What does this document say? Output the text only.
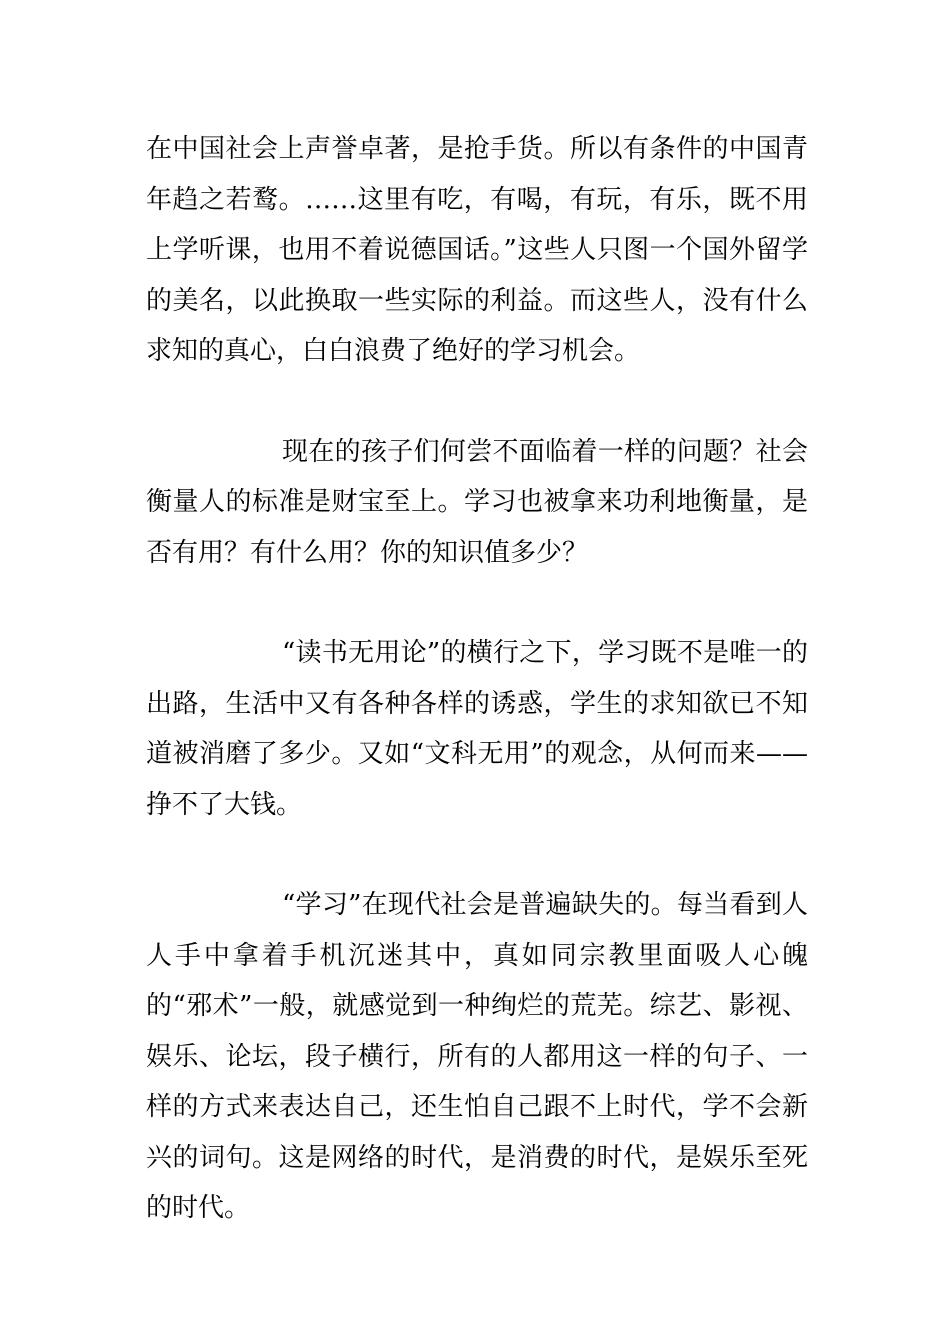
在中国社会上声誉卓著，是抢手货。所以有条件的中国青年趋之若鹜。……这里有吃，有喝，有玩，有乐，既不用上学听课，也用不着说德国话。”这些人只图一个国外留学的美名，以此换取一些实际的利益。而这些人，没有什么求知的真心，白白浪费了绝好的学习机会。

现在的孩子们何尝不面临着一样的问题？社会衡量人的标准是财宝至上。学习也被拿来功利地衡量，是否有用？有什么用？你的知识值多少？

“读书无用论”的横行之下，学习既不是唯一的出路，生活中又有各种各样的诱惑，学生的求知欲已不知道被消磨了多少。又如“文科无用”的观念，从何而来——挣不了大钱。

“学习”在现代社会是普遍缺失的。每当看到人人手中拿着手机沉迷其中，真如同宗教里面吸人心魄的“邪术”一般，就感觉到一种绚烂的荒芜。综艺、影视、娱乐、论坛，段子横行，所有的人都用这一样的句子、一样的方式来表达自己，还生怕自己跟不上时代，学不会新兴的词句。这是网络的时代，是消费的时代，是娱乐至死的时代。
